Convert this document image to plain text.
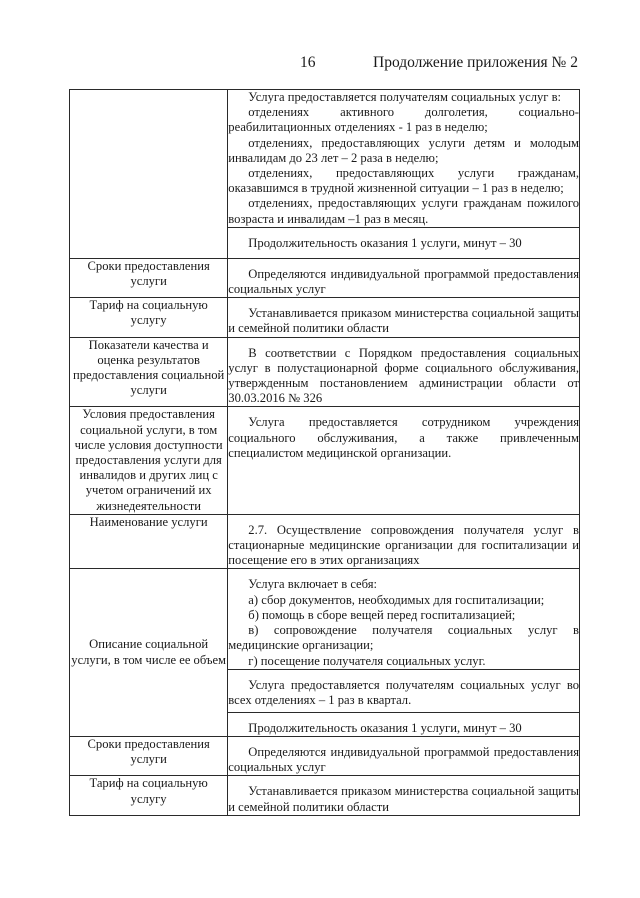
16	Продолжение приложения № 2

	Услуга предоставляется получателям социальных услуг в:

отделениях активного долголетия, социально-реабилитационных отделениях - 1 раз в неделю;

отделениях, предоставляющих услуги детям и молодым инвалидам до 23 лет – 2 раза в неделю;

отделениях, предоставляющих услуги гражданам, оказавшимся в трудной жизненной ситуации – 1 раз в неделю;

отделениях, предоставляющих услуги гражданам пожилого возраста и инвалидам –1 раз в месяц.

	Продолжительность оказания 1 услуги, минут – 30

Сроки предоставления услуги	Определяются индивидуальной программой предоставления социальных услуг

Тариф на социальную услугу	Устанавливается приказом министерства социальной защиты и семейной политики области

Показатели качества и оценка результатов предоставления социальной услуги	В соответствии с Порядком предоставления социальных услуг в полустационарной форме социального обслуживания, утвержденным постановлением администрации области от 30.03.2016 № 326

Условия предоставления социальной услуги, в том числе условия доступности предоставления услуги для инвалидов и других лиц с учетом ограничений их жизнедеятельности	Услуга предоставляется сотрудником учреждения социального обслуживания, а также привлеченным специалистом медицинской организации.

Наименование услуги	2.7. Осуществление сопровождения получателя услуг в стационарные медицинские организации для госпитализации и посещение его в этих организациях

Описание социальной услуги, в том числе ее объем	Услуга включает в себя:

а) сбор документов, необходимых для госпитализации;

б) помощь в сборе вещей перед госпитализацией;

в) сопровождение получателя социальных услуг в медицинские организации;

г) посещение получателя социальных услуг.

	Услуга предоставляется получателям социальных услуг во всех отделениях – 1 раз в квартал.

	Продолжительность оказания 1 услуги, минут – 30

Сроки предоставления услуги	Определяются индивидуальной программой предоставления социальных услуг

Тариф на социальную услугу	Устанавливается приказом министерства социальной защиты и семейной политики области
